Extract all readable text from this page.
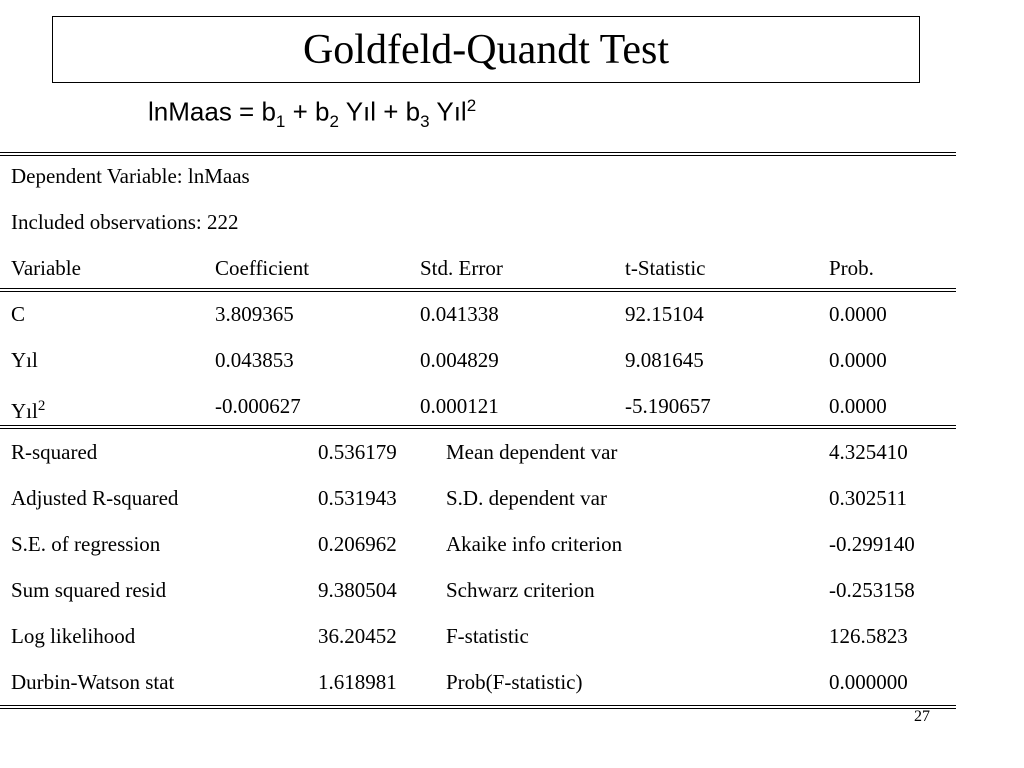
Goldfeld-Quandt Test
lnMaas = $b_1 + b_2$ Yıl + $b_3$ Yıl$^2$
Dependent Variable: lnMaas
Included observations: 222
Variable	Coefficient	Std. Error	t-Statistic	Prob.
C	3.809365	0.041338	92.15104	0.0000
Yıl	0.043853	0.004829	9.081645	0.0000
Yıl$^2$	-0.000627	0.000121	-5.190657	0.0000
R-squared	0.536179 Mean dependent var	4.325410
Adjusted R-squared	0.531943 S.D. dependent var	0.302511
S.E. of regression	0.206962 Akaike info criterion	-0.299140
Sum squared resid	9.380504 Schwarz criterion	-0.253158
Log likelihood	36.20452 F-statistic	126.5823
Durbin-Watson stat	1.618981 Prob(F-statistic)	0.000000
27
